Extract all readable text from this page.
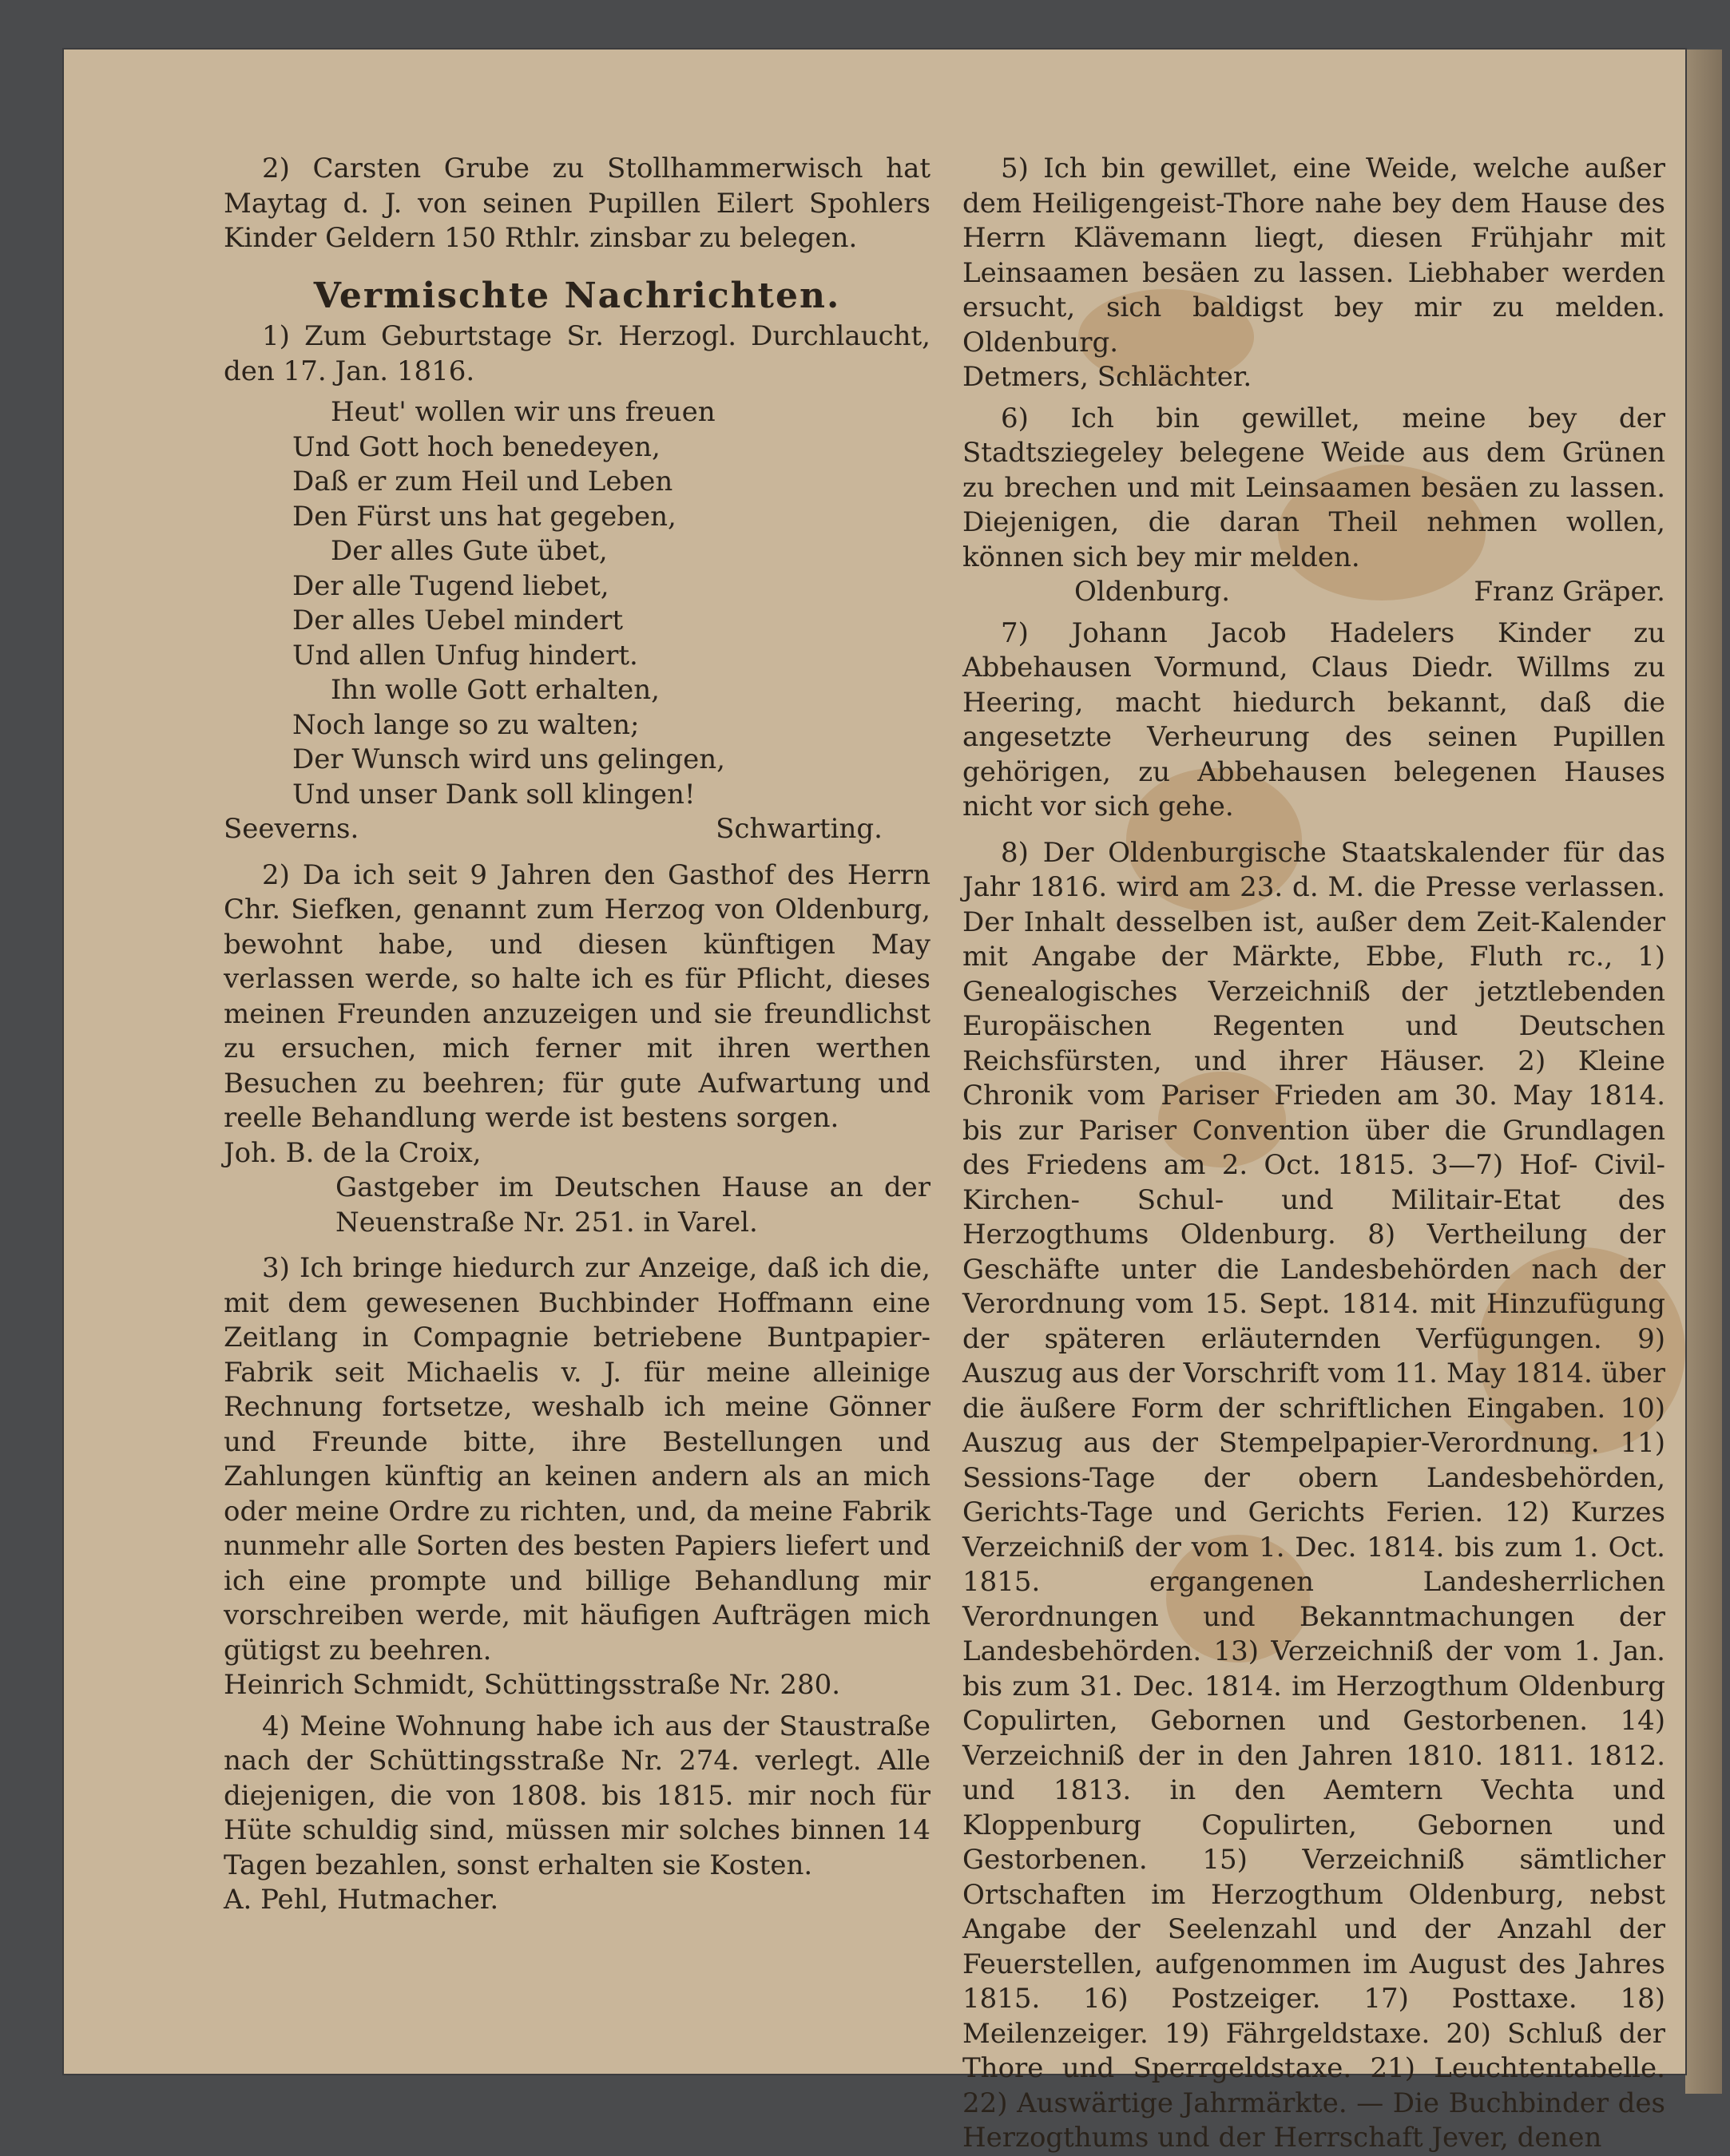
2) Carsten Grube zu Stollhammerwisch hat Maytag d. J. von seinen Pupillen Eilert Spohlers Kinder Geldern 150 Rthlr. zinsbar zu belegen.

Vermischte Nachrichten.

1) Zum Geburtstage Sr. Herzogl. Durchlaucht, den 17. Jan. 1816.

Heut' wollen wir uns freuen
Und Gott hoch benedeyen,
Daß er zum Heil und Leben
Den Fürst uns hat gegeben,
Der alles Gute übet,
Der alle Tugend liebet,
Der alles Uebel mindert
Und allen Unfug hindert.
Ihn wolle Gott erhalten,
Noch lange so zu walten;
Der Wunsch wird uns gelingen,
Und unser Dank soll klingen!
Seeverns.	Schwarting.

2) Da ich seit 9 Jahren den Gasthof des Herrn Chr. Siefken, genannt zum Herzog von Oldenburg, bewohnt habe, und diesen künftigen May verlassen werde, so halte ich es für Pflicht, dieses meinen Freunden anzuzeigen und sie freundlichst zu ersuchen, mich ferner mit ihren werthen Besuchen zu beehren; für gute Aufwartung und reelle Behandlung werde ist bestens sorgen.

Joh. B. de la Croix,

Gastgeber im Deutschen Hause an der Neuenstraße Nr. 251. in Varel.

3) Ich bringe hiedurch zur Anzeige, daß ich die, mit dem gewesenen Buchbinder Hoffmann eine Zeitlang in Compagnie betriebene Buntpapier-Fabrik seit Michaelis v. J. für meine alleinige Rechnung fortsetze, weshalb ich meine Gönner und Freunde bitte, ihre Bestellungen und Zahlungen künftig an keinen andern als an mich oder meine Ordre zu richten, und, da meine Fabrik nunmehr alle Sorten des besten Papiers liefert und ich eine prompte und billige Behandlung mir vorschreiben werde, mit häufigen Aufträgen mich gütigst zu beehren.

Heinrich Schmidt, Schüttingsstraße Nr. 280.

4) Meine Wohnung habe ich aus der Staustraße nach der Schüttingsstraße Nr. 274. verlegt. Alle diejenigen, die von 1808. bis 1815. mir noch für Hüte schuldig sind, müssen mir solches binnen 14 Tagen bezahlen, sonst erhalten sie Kosten.

A. Pehl, Hutmacher.

5) Ich bin gewillet, eine Weide, welche außer dem Heiligengeist-Thore nahe bey dem Hause des Herrn Klävemann liegt, diesen Frühjahr mit Leinsaamen besäen zu lassen. Liebhaber werden ersucht, sich baldigst bey mir zu melden. Oldenburg.

Detmers, Schlächter.

6) Ich bin gewillet, meine bey der Stadtsziegeley belegene Weide aus dem Grünen zu brechen und mit Leinsaamen besäen zu lassen. Diejenigen, die daran Theil nehmen wollen, können sich bey mir melden.

Oldenburg.	Franz Gräper.

7) Johann Jacob Hadelers Kinder zu Abbehausen Vormund, Claus Diedr. Willms zu Heering, macht hiedurch bekannt, daß die angesetzte Verheurung des seinen Pupillen gehörigen, zu Abbehausen belegenen Hauses nicht vor sich gehe.

8) Der Oldenburgische Staatskalender für das Jahr 1816. wird am 23. d. M. die Presse verlassen. Der Inhalt desselben ist, außer dem Zeit-Kalender mit Angabe der Märkte, Ebbe, Fluth rc., 1) Genealogisches Verzeichniß der jetztlebenden Europäischen Regenten und Deutschen Reichsfürsten, und ihrer Häuser. 2) Kleine Chronik vom Pariser Frieden am 30. May 1814. bis zur Pariser Convention über die Grundlagen des Friedens am 2. Oct. 1815. 3—7) Hof- Civil- Kirchen- Schul- und Militair-Etat des Herzogthums Oldenburg. 8) Vertheilung der Geschäfte unter die Landesbehörden nach der Verordnung vom 15. Sept. 1814. mit Hinzufügung der späteren erläuternden Verfügungen. 9) Auszug aus der Vorschrift vom 11. May 1814. über die äußere Form der schriftlichen Eingaben. 10) Auszug aus der Stempelpapier-Verordnung. 11) Sessions-Tage der obern Landesbehörden, Gerichts-Tage und Gerichts Ferien. 12) Kurzes Verzeichniß der vom 1. Dec. 1814. bis zum 1. Oct. 1815. ergangenen Landesherrlichen Verordnungen und Bekanntmachungen der Landesbehörden. 13) Verzeichniß der vom 1. Jan. bis zum 31. Dec. 1814. im Herzogthum Oldenburg Copulirten, Gebornen und Gestorbenen. 14) Verzeichniß der in den Jahren 1810. 1811. 1812. und 1813. in den Aemtern Vechta und Kloppenburg Copulirten, Gebornen und Gestorbenen. 15) Verzeichniß sämtlicher Ortschaften im Herzogthum Oldenburg, nebst Angabe der Seelenzahl und der Anzahl der Feuerstellen, aufgenommen im August des Jahres 1815. 16) Postzeiger. 17) Posttaxe. 18) Meilenzeiger. 19) Fährgeldstaxe. 20) Schluß der Thore und Sperrgeldstaxe. 21) Leuchtentabelle. 22) Auswärtige Jahrmärkte. — Die Buchbinder des Herzogthums und der Herrschaft Jever, denen
